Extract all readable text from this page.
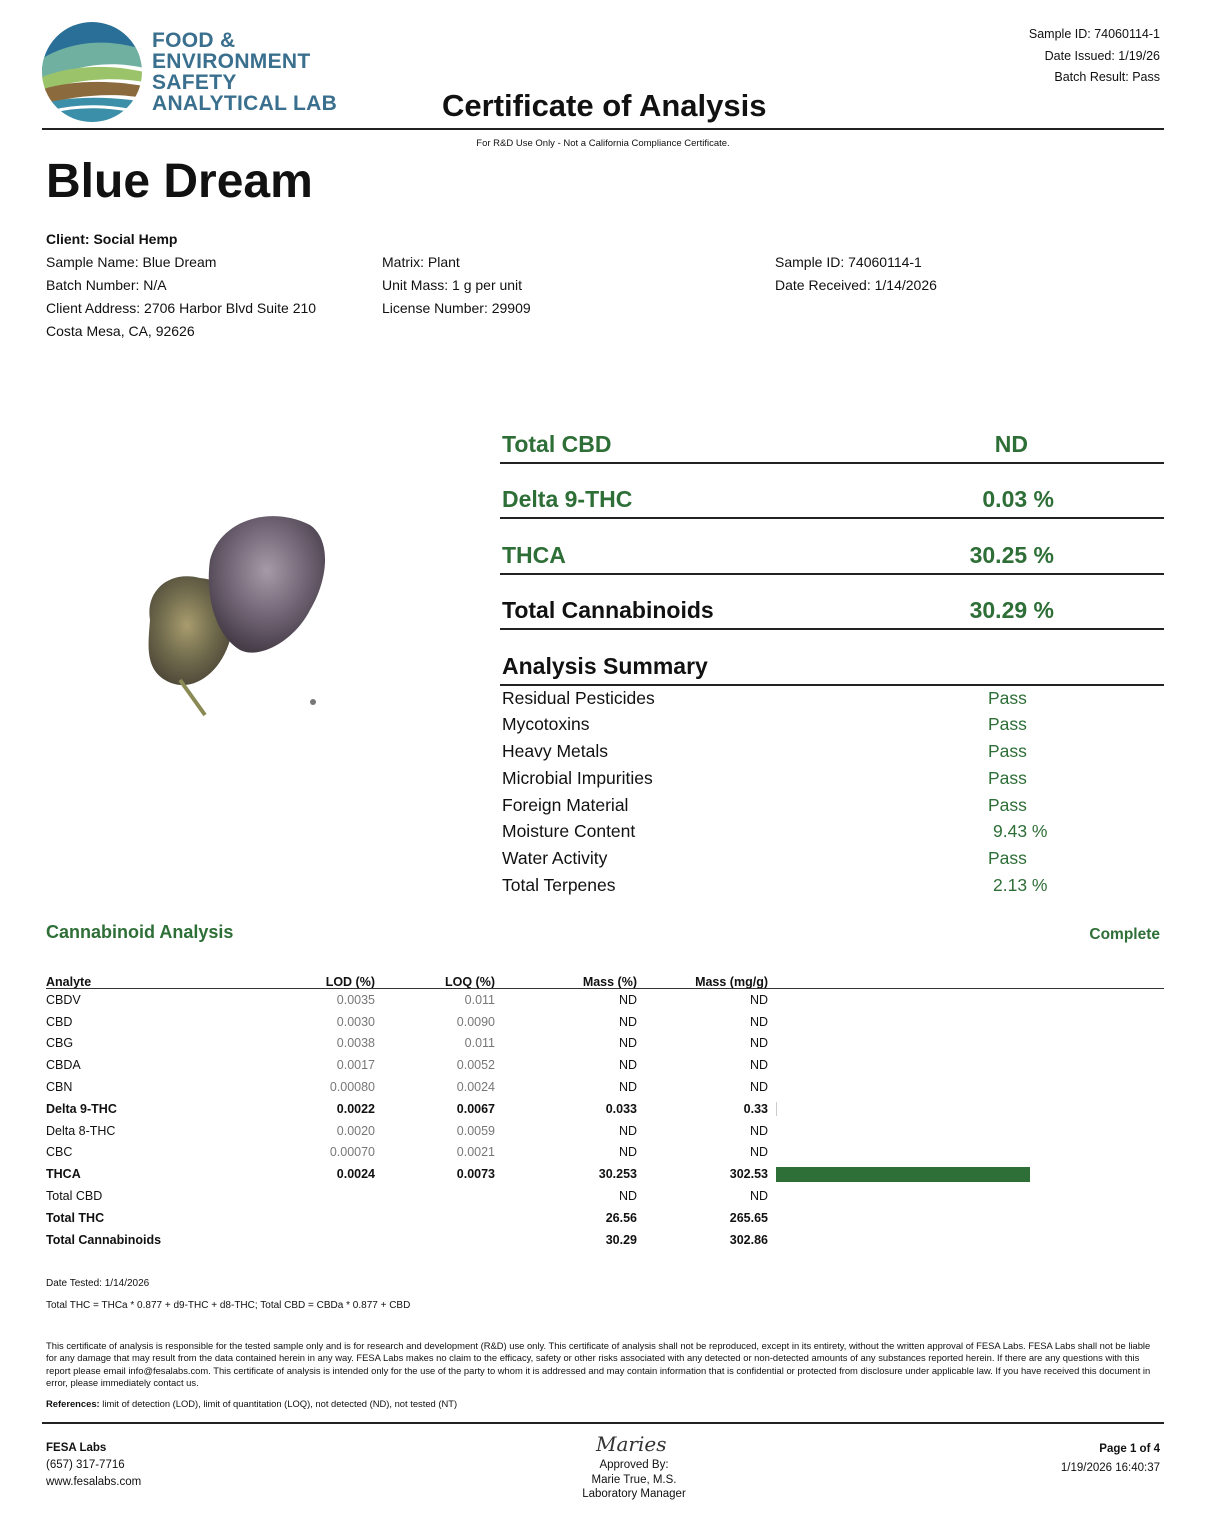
FOOD &
ENVIRONMENT
SAFETY
ANALYTICAL LAB
Sample ID: 74060114-1
Date Issued: 1/19/26
Batch Result: Pass
Certificate of Analysis
For R&D Use Only - Not a California Compliance Certificate.
Blue Dream
Client: Social Hemp
Sample Name: Blue Dream
Batch Number: N/A
Client Address: 2706 Harbor Blvd Suite 210
Costa Mesa, CA, 92626
Matrix: Plant
Unit Mass: 1 g per unit
License Number: 29909
Sample ID: 74060114-1
Date Received: 1/14/2026
Total CBD	ND
Delta 9-THC	0.03 %
THCA	30.25 %
Total Cannabinoids	30.29 %
Analysis Summary
Residual Pesticides	Pass
Mycotoxins	Pass
Heavy Metals	Pass
Microbial Impurities	Pass
Foreign Material	Pass
Moisture Content	9.43 %
Water Activity	Pass
Total Terpenes	2.13 %
Cannabinoid Analysis	Complete
Analyte	LOD (%)	LOQ (%)	Mass (%)	Mass (mg/g)	
CBDV	0.0035	0.011	ND	ND	
CBD	0.0030	0.0090	ND	ND	
CBG	0.0038	0.011	ND	ND	
CBDA	0.0017	0.0052	ND	ND	
CBN	0.00080	0.0024	ND	ND	
Delta 9-THC	0.0022	0.0067	0.033	0.33	

Delta 8-THC	0.0020	0.0059	ND	ND	
CBC	0.00070	0.0021	ND	ND	
THCA	0.0024	0.0073	30.253	302.53	

Total CBD			ND	ND	
Total THC			26.56	265.65	
Total Cannabinoids			30.29	302.86	
Date Tested: 1/14/2026
Total THC = THCa * 0.877 + d9-THC + d8-THC; Total CBD = CBDa * 0.877 + CBD
This certificate of analysis is responsible for the tested sample only and is for research and development (R&D) use only. This certificate of analysis shall not be reproduced, except in its entirety, without the written approval of FESA Labs. FESA Labs shall not be liable for any damage that may result from the data contained herein in any way. FESA Labs makes no claim to the efficacy, safety or other risks associated with any detected or non-detected amounts of any substances reported herein. If there are any questions with this report please email info@fesalabs.com. This certificate of analysis is intended only for the use of the party to whom it is addressed and may contain information that is confidential or protected from disclosure under applicable law. If you have received this document in error, please immediately contact us.
References: limit of detection (LOD), limit of quantitation (LOQ), not detected (ND), not tested (NT)
FESA Labs
(657) 317-7716
www.fesalabs.com
Maries
Approved By:
Marie True, M.S.
Laboratory Manager
Page 1 of 4
1/19/2026 16:40:37
